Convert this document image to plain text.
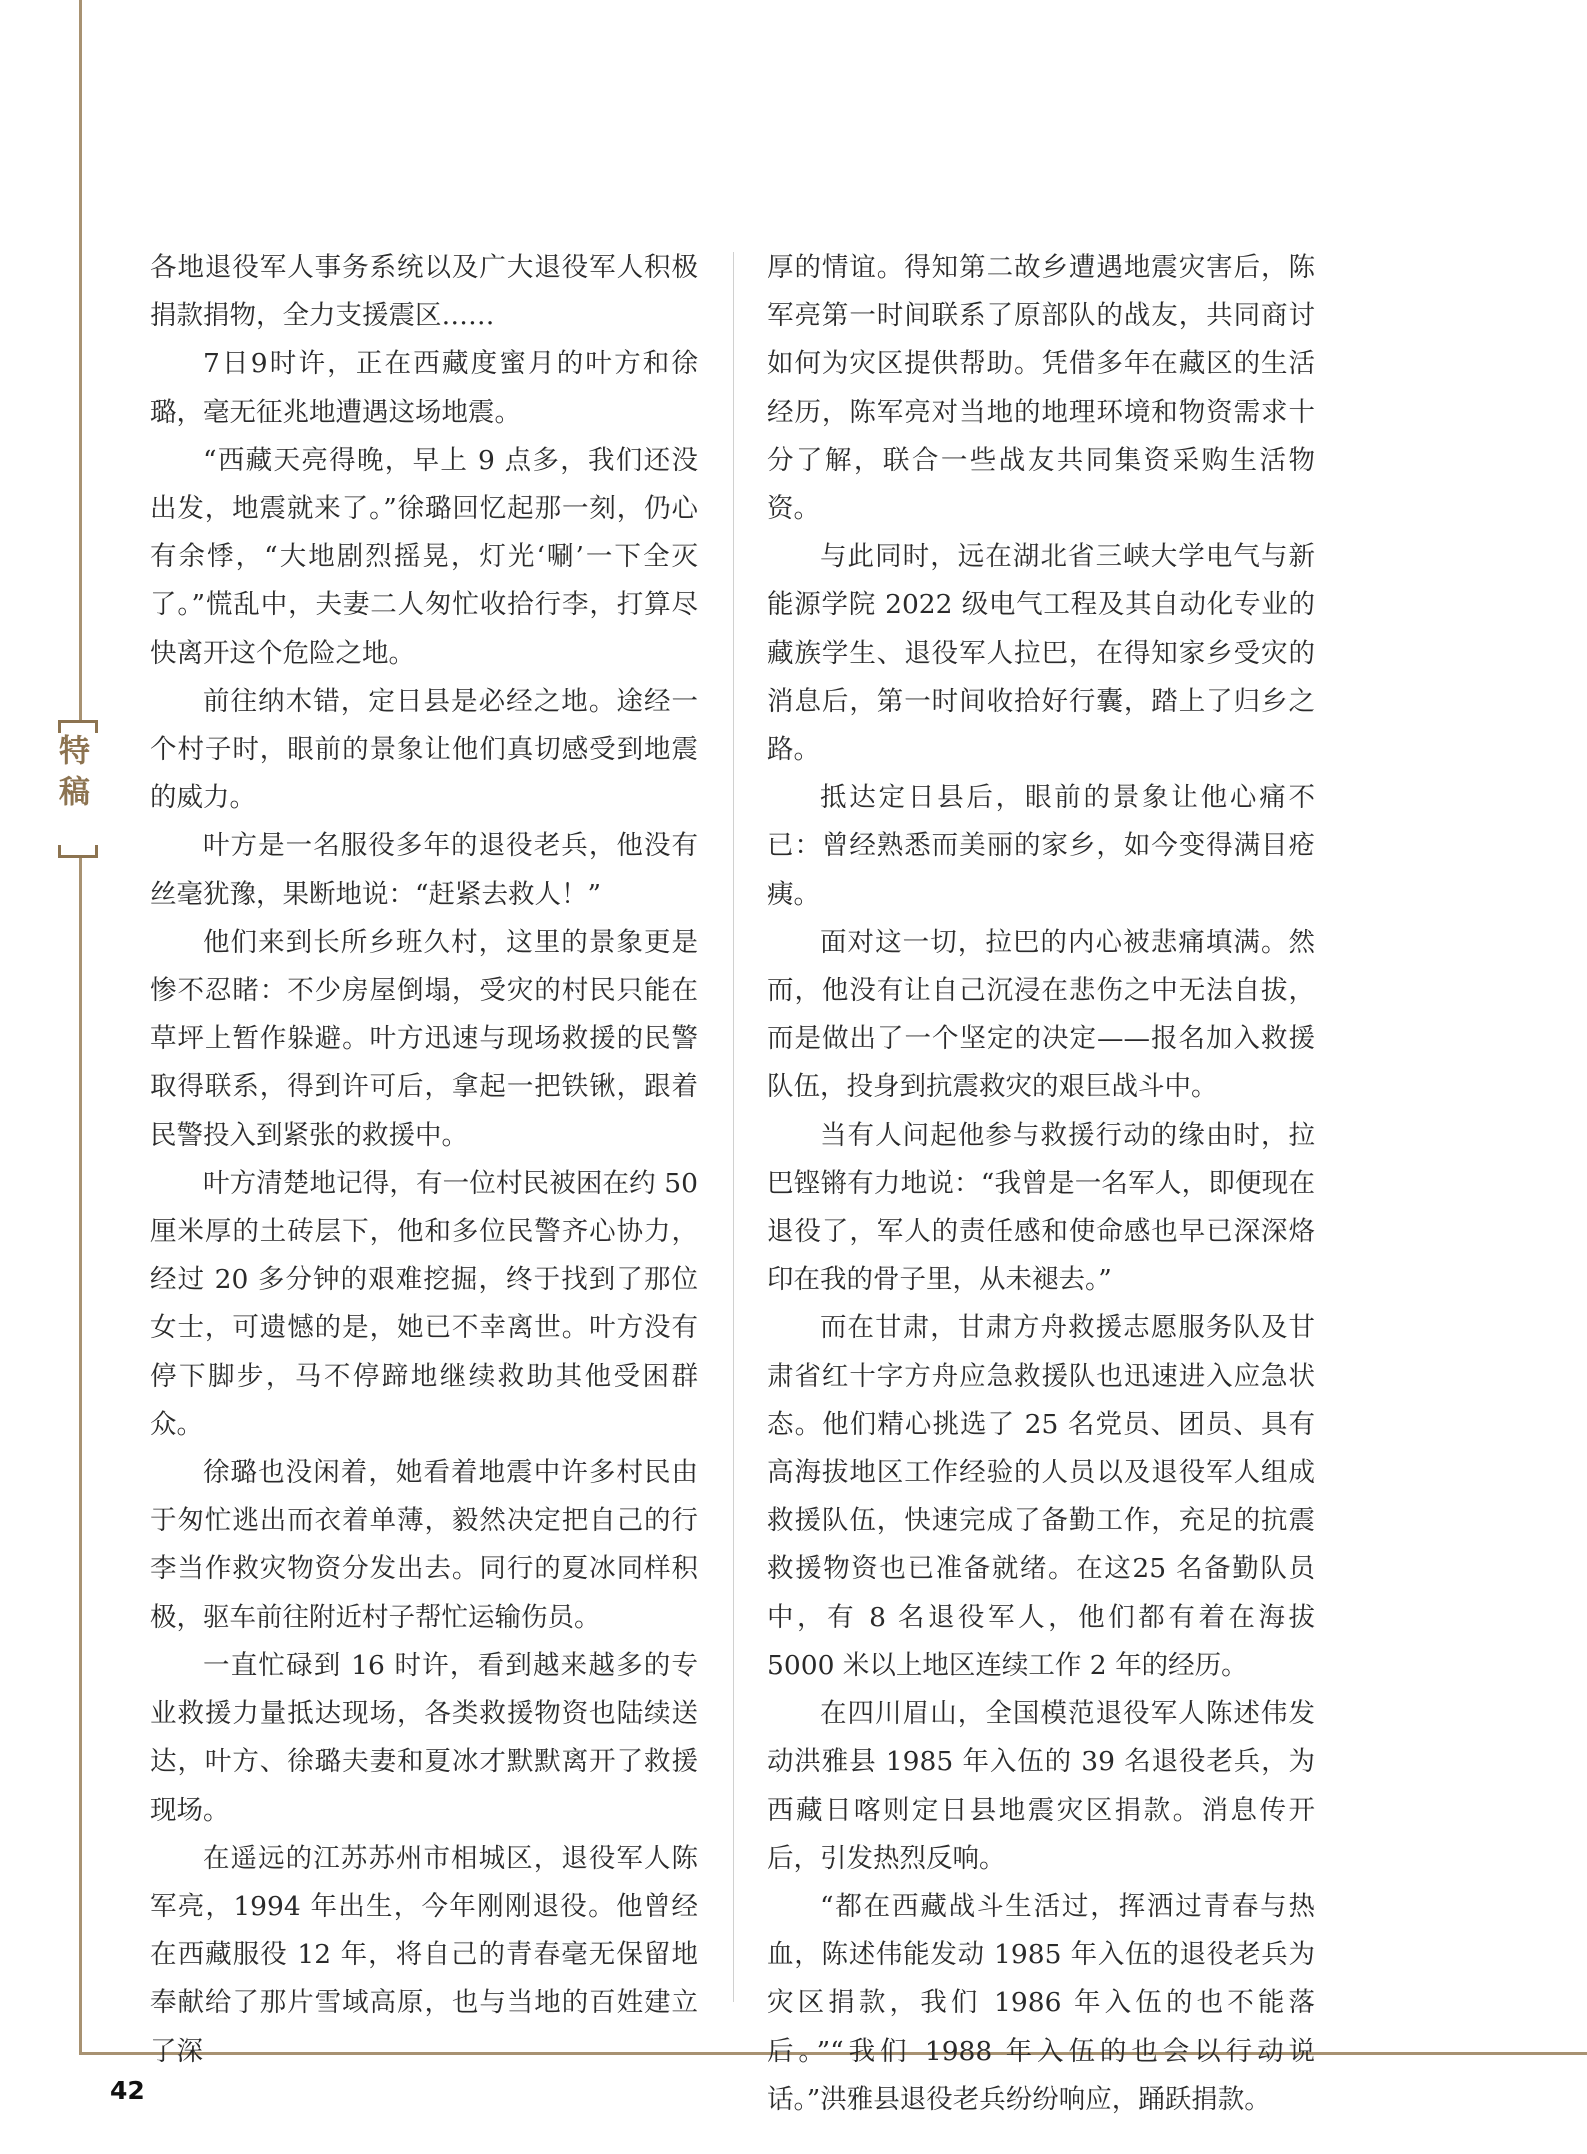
特稿

各地退役军人事务系统以及广大退役军人积极捐款捐物，全力支援震区……

7日9时许，正在西藏度蜜月的叶方和徐璐，毫无征兆地遭遇这场地震。

“西藏天亮得晚，早上 9 点多，我们还没出发，地震就来了。”徐璐回忆起那一刻，仍心有余悸，“大地剧烈摇晃，灯光‘唰’一下全灭了。”慌乱中，夫妻二人匆忙收拾行李，打算尽快离开这个危险之地。

前往纳木错，定日县是必经之地。途经一个村子时，眼前的景象让他们真切感受到地震的威力。

叶方是一名服役多年的退役老兵，他没有丝毫犹豫，果断地说：“赶紧去救人！”

他们来到长所乡班久村，这里的景象更是惨不忍睹：不少房屋倒塌，受灾的村民只能在草坪上暂作躲避。叶方迅速与现场救援的民警取得联系，得到许可后，拿起一把铁锹，跟着民警投入到紧张的救援中。

叶方清楚地记得，有一位村民被困在约 50 厘米厚的土砖层下，他和多位民警齐心协力，经过 20 多分钟的艰难挖掘，终于找到了那位女士，可遗憾的是，她已不幸离世。叶方没有停下脚步，马不停蹄地继续救助其他受困群众。

徐璐也没闲着，她看着地震中许多村民由于匆忙逃出而衣着单薄，毅然决定把自己的行李当作救灾物资分发出去。同行的夏冰同样积极，驱车前往附近村子帮忙运输伤员。

一直忙碌到 16 时许，看到越来越多的专业救援力量抵达现场，各类救援物资也陆续送达，叶方、徐璐夫妻和夏冰才默默离开了救援现场。

在遥远的江苏苏州市相城区，退役军人陈军亮，1994 年出生，今年刚刚退役。他曾经在西藏服役 12 年，将自己的青春毫无保留地奉献给了那片雪域高原，也与当地的百姓建立了深

厚的情谊。得知第二故乡遭遇地震灾害后，陈军亮第一时间联系了原部队的战友，共同商讨如何为灾区提供帮助。凭借多年在藏区的生活经历，陈军亮对当地的地理环境和物资需求十分了解，联合一些战友共同集资采购生活物资。

与此同时，远在湖北省三峡大学电气与新能源学院 2022 级电气工程及其自动化专业的藏族学生、退役军人拉巴，在得知家乡受灾的消息后，第一时间收拾好行囊，踏上了归乡之路。

抵达定日县后，眼前的景象让他心痛不已：曾经熟悉而美丽的家乡，如今变得满目疮痍。

面对这一切，拉巴的内心被悲痛填满。然而，他没有让自己沉浸在悲伤之中无法自拔，而是做出了一个坚定的决定——报名加入救援队伍，投身到抗震救灾的艰巨战斗中。

当有人问起他参与救援行动的缘由时，拉巴铿锵有力地说：“我曾是一名军人，即便现在退役了，军人的责任感和使命感也早已深深烙印在我的骨子里，从未褪去。”

而在甘肃，甘肃方舟救援志愿服务队及甘肃省红十字方舟应急救援队也迅速进入应急状态。他们精心挑选了 25 名党员、团员、具有高海拔地区工作经验的人员以及退役军人组成救援队伍，快速完成了备勤工作，充足的抗震救援物资也已准备就绪。在这25 名备勤队员中，有 8 名退役军人，他们都有着在海拔 5000 米以上地区连续工作 2 年的经历。

在四川眉山，全国模范退役军人陈述伟发动洪雅县 1985 年入伍的 39 名退役老兵，为西藏日喀则定日县地震灾区捐款。消息传开后，引发热烈反响。

“都在西藏战斗生活过，挥洒过青春与热血，陈述伟能发动 1985 年入伍的退役老兵为灾区捐款，我们 1986 年入伍的也不能落后。”“我们 1988 年入伍的也会以行动说话。”洪雅县退役老兵纷纷响应，踊跃捐款。

42
